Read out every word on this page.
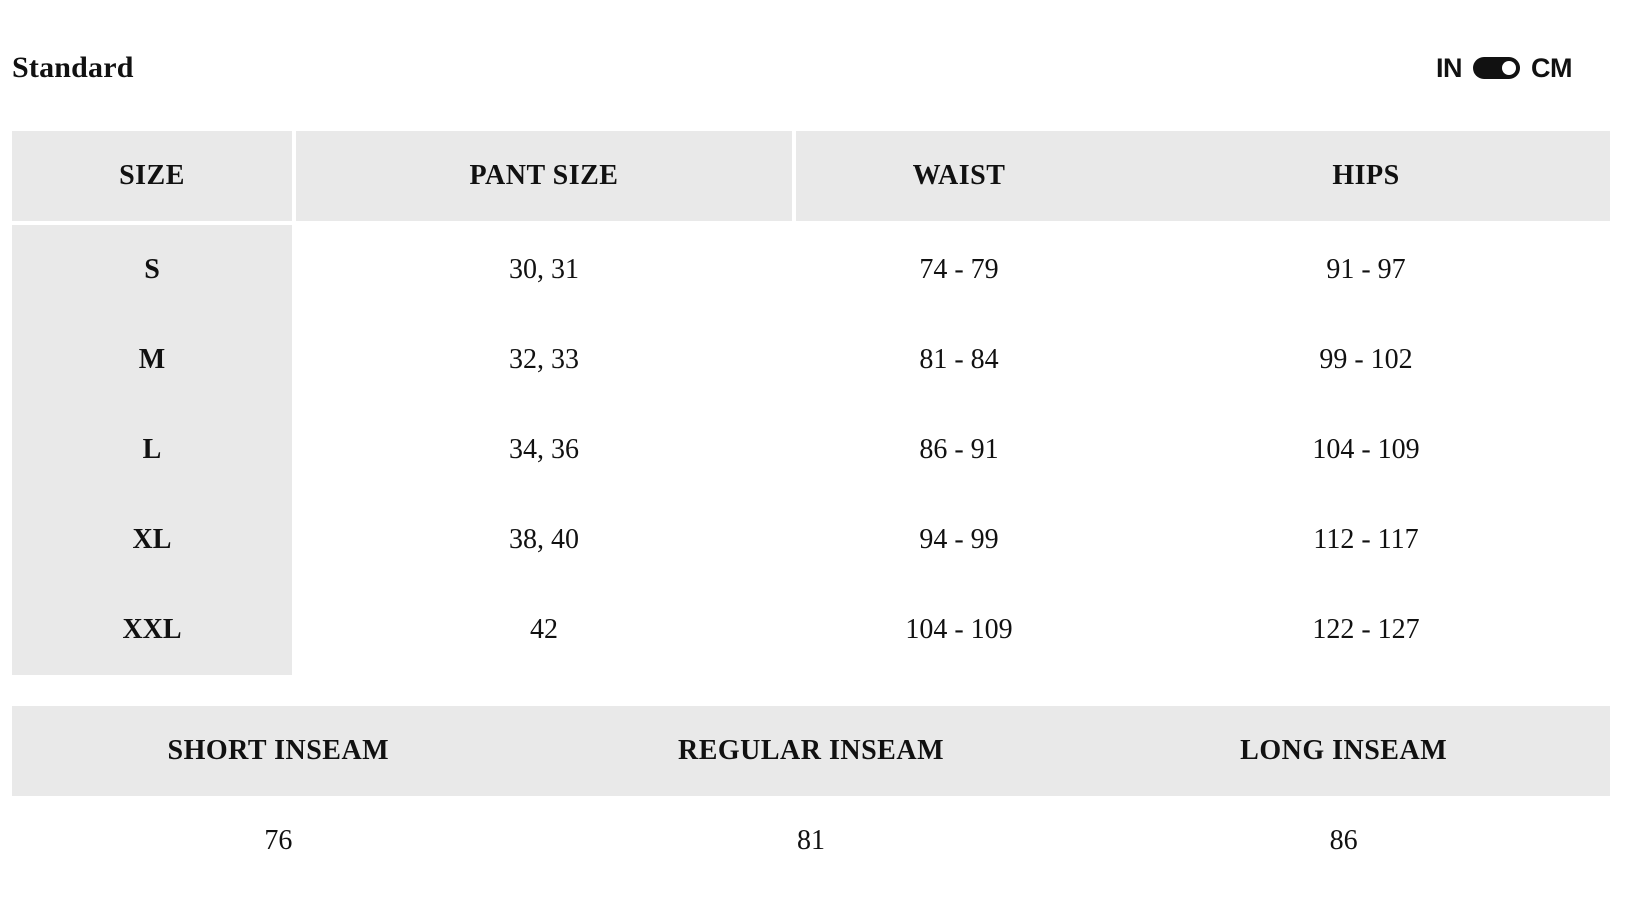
Standard	IN	CM
SIZE	PANT SIZE	WAIST	HIPS
S	30, 31	74 - 79	91 - 97
M	32, 33	81 - 84	99 - 102
L	34, 36	86 - 91	104 - 109
XL	38, 40	94 - 99	112 - 117
XXL	42	104 - 109	122 - 127
SHORT INSEAM	REGULAR INSEAM	LONG INSEAM
76	81	86
